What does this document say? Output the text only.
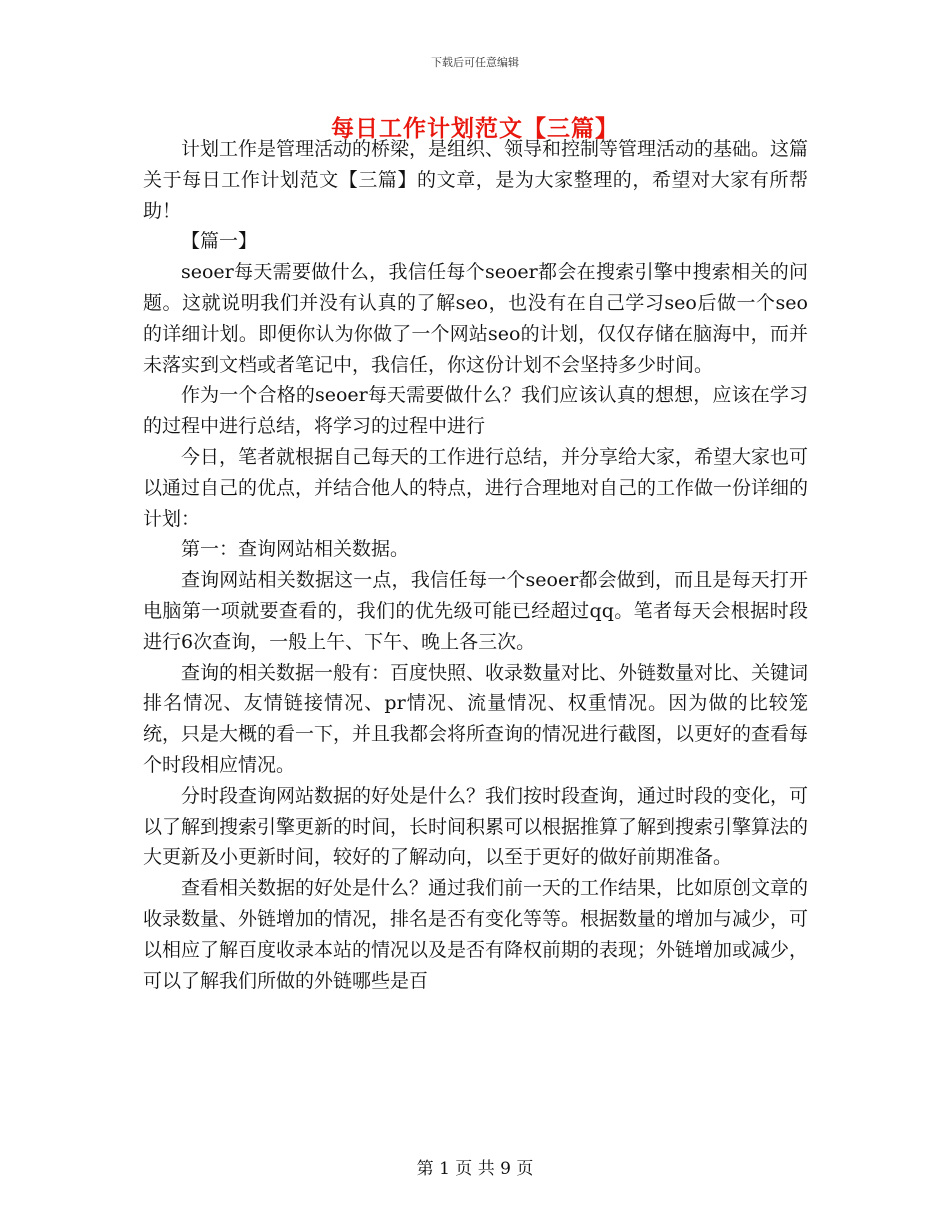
下载后可任意编辑
每日工作计划范文【三篇】

计划工作是管理活动的桥梁，是组织、领导和控制等管理活动的基础。这篇关于每日工作计划范文【三篇】的文章，是为大家整理的，希望对大家有所帮助！

【篇一】

seoer每天需要做什么，我信任每个seoer都会在搜索引擎中搜索相关的问题。这就说明我们并没有认真的了解seo，也没有在自己学习seo后做一个seo的详细计划。即便你认为你做了一个网站seo的计划，仅仅存储在脑海中，而并未落实到文档或者笔记中，我信任，你这份计划不会坚持多少时间。

作为一个合格的seoer每天需要做什么？我们应该认真的想想，应该在学习的过程中进行总结，将学习的过程中进行

今日，笔者就根据自己每天的工作进行总结，并分享给大家，希望大家也可以通过自己的优点，并结合他人的特点，进行合理地对自己的工作做一份详细的计划：

第一：查询网站相关数据。

查询网站相关数据这一点，我信任每一个seoer都会做到，而且是每天打开电脑第一项就要查看的，我们的优先级可能已经超过qq。笔者每天会根据时段进行6次查询，一般上午、下午、晚上各三次。

查询的相关数据一般有：百度快照、收录数量对比、外链数量对比、关键词排名情况、友情链接情况、pr情况、流量情况、权重情况。因为做的比较笼统，只是大概的看一下，并且我都会将所查询的情况进行截图，以更好的查看每个时段相应情况。

分时段查询网站数据的好处是什么？我们按时段查询，通过时段的变化，可以了解到搜索引擎更新的时间，长时间积累可以根据推算了解到搜索引擎算法的大更新及小更新时间，较好的了解动向，以至于更好的做好前期准备。

查看相关数据的好处是什么？通过我们前一天的工作结果，比如原创文章的收录数量、外链增加的情况，排名是否有变化等等。根据数量的增加与减少，可以相应了解百度收录本站的情况以及是否有降权前期的表现；外链增加或减少，可以了解我们所做的外链哪些是百

第 1 页 共 9 页
